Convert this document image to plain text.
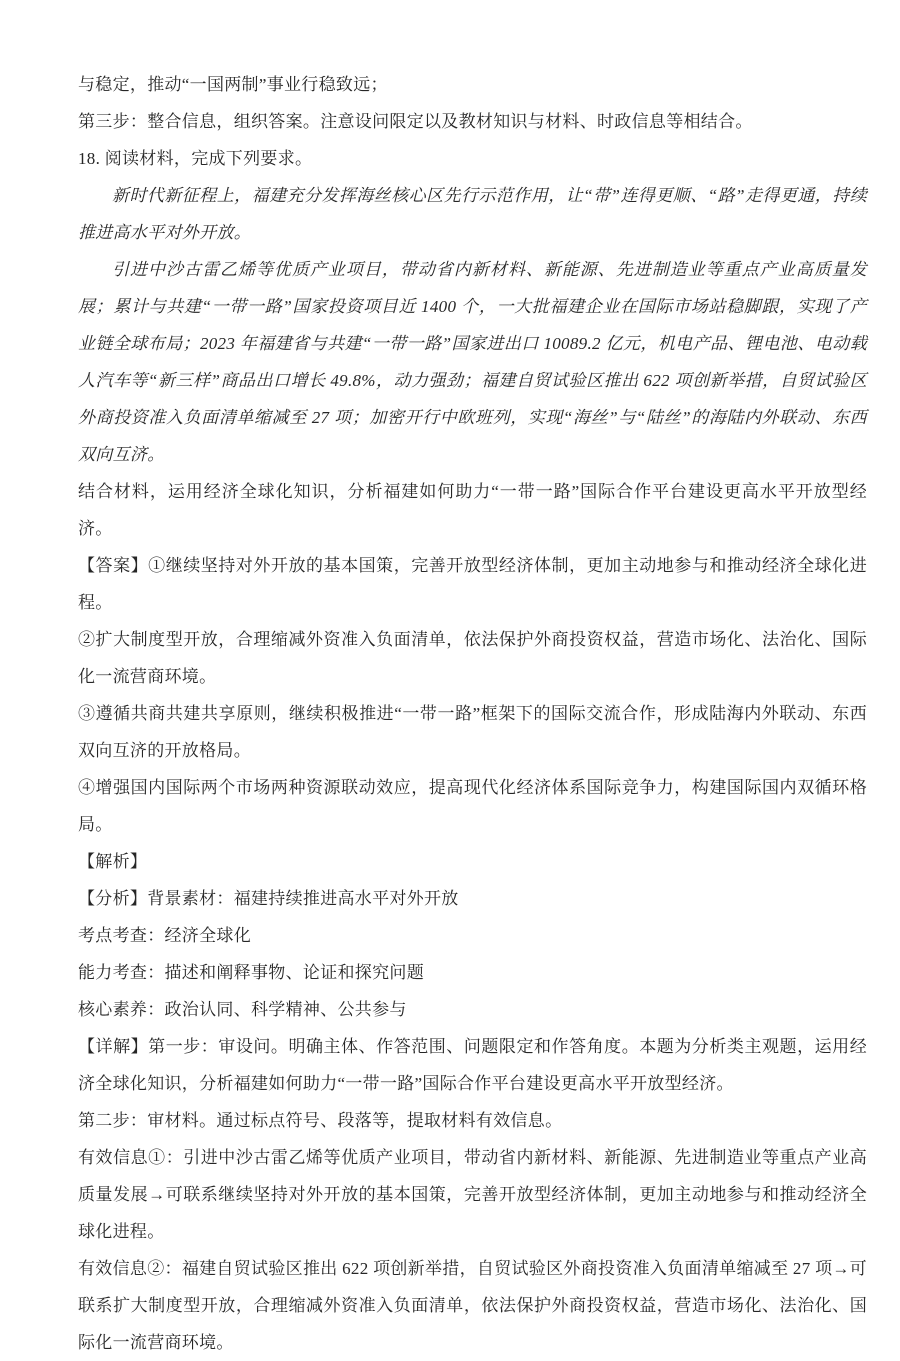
与稳定，推动“一国两制”事业行稳致远；

第三步：整合信息，组织答案。注意设问限定以及教材知识与材料、时政信息等相结合。

18. 阅读材料，完成下列要求。

新时代新征程上，福建充分发挥海丝核心区先行示范作用，让“带”连得更顺、“路”走得更通，持续推进高水平对外开放。

引进中沙古雷乙烯等优质产业项目，带动省内新材料、新能源、先进制造业等重点产业高质量发展；累计与共建“一带一路”国家投资项目近 1400 个，一大批福建企业在国际市场站稳脚跟，实现了产业链全球布局；2023 年福建省与共建“一带一路”国家进出口 10089.2 亿元，机电产品、锂电池、电动载人汽车等“新三样”商品出口增长 49.8%，动力强劲；福建自贸试验区推出 622 项创新举措，自贸试验区外商投资准入负面清单缩减至 27 项；加密开行中欧班列，实现“海丝”与“陆丝”的海陆内外联动、东西双向互济。

结合材料，运用经济全球化知识，分析福建如何助力“一带一路”国际合作平台建设更高水平开放型经济。

【答案】①继续坚持对外开放的基本国策，完善开放型经济体制，更加主动地参与和推动经济全球化进程。

②扩大制度型开放，合理缩减外资准入负面清单，依法保护外商投资权益，营造市场化、法治化、国际化一流营商环境。

③遵循共商共建共享原则，继续积极推进“一带一路”框架下的国际交流合作，形成陆海内外联动、东西双向互济的开放格局。

④增强国内国际两个市场两种资源联动效应，提高现代化经济体系国际竞争力，构建国际国内双循环格局。

【解析】

【分析】背景素材：福建持续推进高水平对外开放

考点考查：经济全球化

能力考查：描述和阐释事物、论证和探究问题

核心素养：政治认同、科学精神、公共参与

【详解】第一步：审设问。明确主体、作答范围、问题限定和作答角度。本题为分析类主观题，运用经济全球化知识，分析福建如何助力“一带一路”国际合作平台建设更高水平开放型经济。

第二步：审材料。通过标点符号、段落等，提取材料有效信息。

有效信息①：引进中沙古雷乙烯等优质产业项目，带动省内新材料、新能源、先进制造业等重点产业高质量发展→可联系继续坚持对外开放的基本国策，完善开放型经济体制，更加主动地参与和推动经济全球化进程。

有效信息②：福建自贸试验区推出 622 项创新举措，自贸试验区外商投资准入负面清单缩减至 27 项→可联系扩大制度型开放，合理缩减外资准入负面清单，依法保护外商投资权益，营造市场化、法治化、国际化一流营商环境。
